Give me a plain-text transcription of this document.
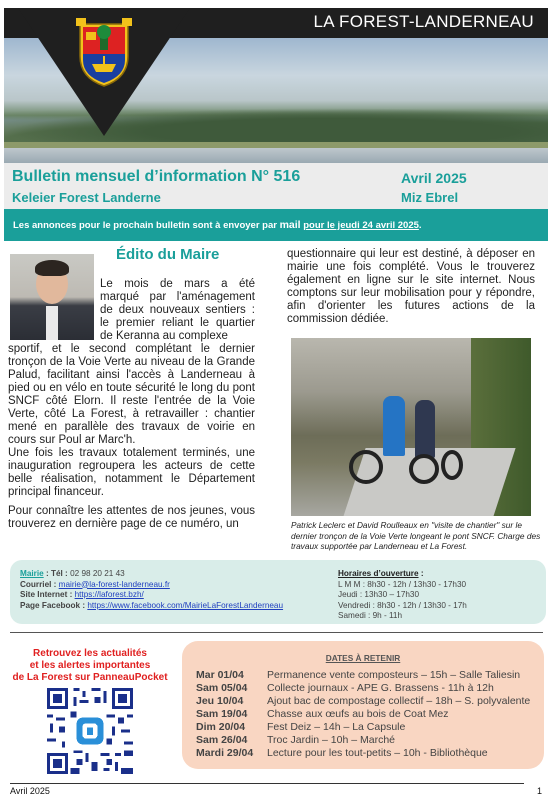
LA FOREST-LANDERNEAU
Bulletin mensuel d’information N° 516
Keleier Forest Landerne
Avril 2025
Miz Ebrel
Les annonces pour le prochain bulletin sont à envoyer par mail pour le jeudi 24 avril 2025.
Édito du Maire

Le mois de mars a été marqué par l'aménagement de deux nouveaux sentiers : le premier reliant le quartier de Keranna au complexe

sportif, et le second complétant le dernier tronçon de la Voie Verte au niveau de la Grande Palud, facilitant ainsi l'accès à Landerneau à pied ou en vélo en toute sécurité le long du pont SNCF côté Elorn. Il reste l'entrée de la Voie Verte, côté La Forest, à retravailler : chantier mené en parallèle des travaux de voirie en cours sur Poul ar Marc'h.

Une fois les travaux totalement terminés, une inauguration regroupera les acteurs de cette belle réalisation, notamment le Département principal financeur.

Pour connaître les attentes de nos jeunes, vous trouverez en dernière page de ce numéro, un

questionnaire qui leur est destiné, à déposer en mairie une fois complété. Vous le trouverez également en ligne sur le site internet. Nous comptons sur leur mobilisation pour y répondre, afin d'orienter les futures actions de la commission dédiée.
Patrick Leclerc et David Roulleaux en "visite de chantier" sur le dernier tronçon de la Voie Verte longeant le pont SNCF. Charge des travaux supportée par Landerneau et La Forest.
Mairie : Tél : 02 98 20 21 43
Courriel : mairie@la-forest-landerneau.fr
Site Internet : https://laforest.bzh/
Page Facebook : https://www.facebook.com/MairieLaForestLanderneau
Horaires d’ouverture :
L M M : 8h30 - 12h / 13h30 - 17h30
Jeudi : 13h30 – 17h30
Vendredi : 8h30 - 12h / 13h30 - 17h
Samedi : 9h - 11h
Retrouvez les actualités
et les alertes importantes
de La Forest sur PanneauPocket
DATES À RETENIR
Mar 01/04 Permanence vente composteurs – 15h – Salle Taliesin
Sam 05/04 Collecte journaux - APE G. Brassens - 11h à 12h
Jeu 10/04 Ajout bac de compostage collectif – 18h – S. polyvalente
Sam 19/04 Chasse aux œufs au bois de Coat Mez
Dim 20/04 Fest Deiz – 14h – La Capsule
Sam 26/04 Troc Jardin – 10h – Marché
Mardi 29/04 Lecture pour les tout-petits – 10h - Bibliothèque
Avril 2025	1
